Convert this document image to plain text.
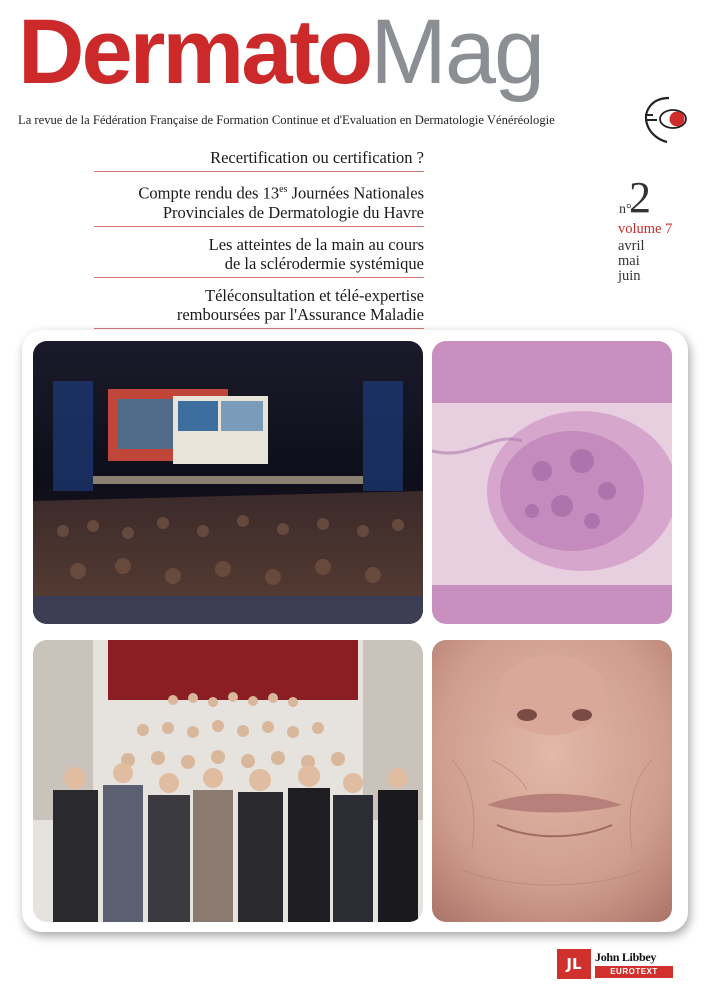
DermatoMag
La revue de la Fédération Française de Formation Continue et d'Evaluation en Dermatologie Vénéréologie
Recertification ou certification ?
Compte rendu des $13^{es}$ Journées Nationales
Provinciales de Dermatologie du Havre
Les atteintes de la main au cours
de la sclérodermie systémique
Téléconsultation et télé-expertise
remboursées par l'Assurance Maladie
n°
2
volume 7
avril
mai
juin
JL	John Libbey
EUROTEXT
